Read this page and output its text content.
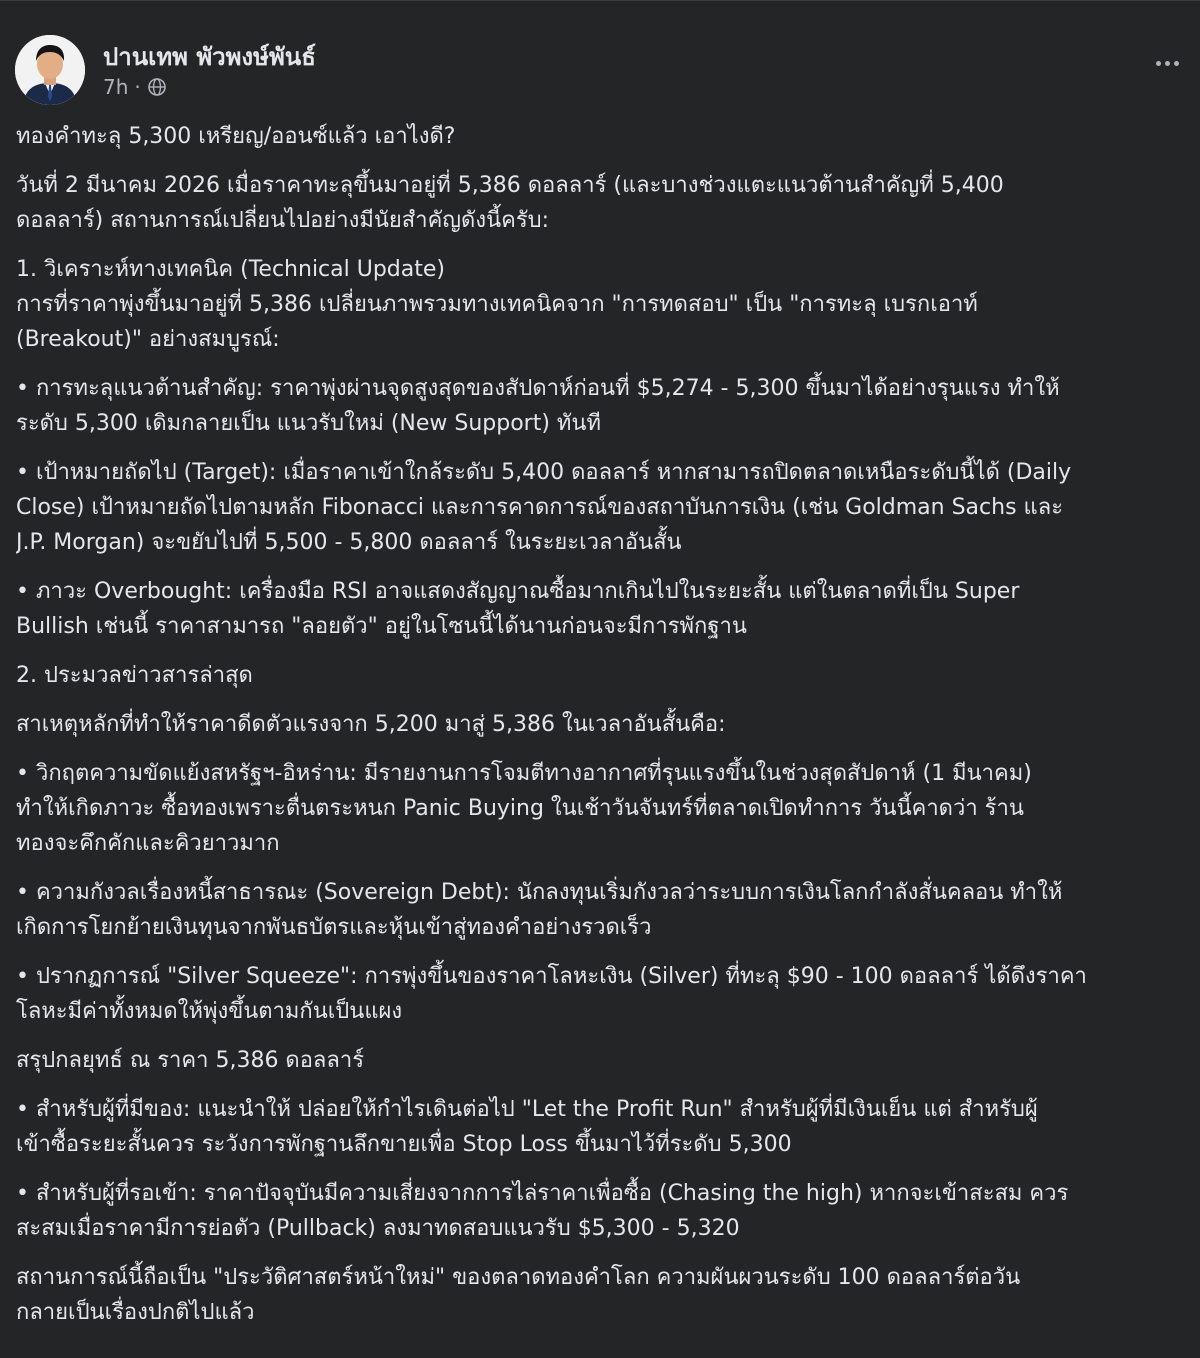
ปานเทพ พัวพงษ์พันธ์
7h ·

ทองคำทะลุ 5,300 เหรียญ/ออนซ์แล้ว เอาไงดี?

วันที่ 2 มีนาคม 2026 เมื่อราคาทะลุขึ้นมาอยู่ที่ 5,386 ดอลลาร์ (และบางช่วงแตะแนวต้านสำคัญที่ 5,400

ดอลลาร์) สถานการณ์เปลี่ยนไปอย่างมีนัยสำคัญดังนี้ครับ:

1. วิเคราะห์ทางเทคนิค (Technical Update)

การที่ราคาพุ่งขึ้นมาอยู่ที่ 5,386 เปลี่ยนภาพรวมทางเทคนิคจาก "การทดสอบ" เป็น "การทะลุ เบรกเอาท์

(Breakout)" อย่างสมบูรณ์:

• การทะลุแนวต้านสำคัญ: ราคาพุ่งผ่านจุดสูงสุดของสัปดาห์ก่อนที่ $5,274 - 5,300 ขึ้นมาได้อย่างรุนแรง ทำให้

ระดับ 5,300 เดิมกลายเป็น แนวรับใหม่ (New Support) ทันที

• เป้าหมายถัดไป (Target): เมื่อราคาเข้าใกล้ระดับ 5,400 ดอลลาร์ หากสามารถปิดตลาดเหนือระดับนี้ได้ (Daily

Close) เป้าหมายถัดไปตามหลัก Fibonacci และการคาดการณ์ของสถาบันการเงิน (เช่น Goldman Sachs และ

J.P. Morgan) จะขยับไปที่ 5,500 - 5,800 ดอลลาร์ ในระยะเวลาอันสั้น

• ภาวะ Overbought: เครื่องมือ RSI อาจแสดงสัญญาณซื้อมากเกินไปในระยะสั้น แต่ในตลาดที่เป็น Super

Bullish เช่นนี้ ราคาสามารถ "ลอยตัว" อยู่ในโซนนี้ได้นานก่อนจะมีการพักฐาน

2. ประมวลข่าวสารล่าสุด

สาเหตุหลักที่ทำให้ราคาดีดตัวแรงจาก 5,200 มาสู่ 5,386 ในเวลาอันสั้นคือ:

• วิกฤตความขัดแย้งสหรัฐฯ-อิหร่าน: มีรายงานการโจมตีทางอากาศที่รุนแรงขึ้นในช่วงสุดสัปดาห์ (1 มีนาคม)

ทำให้เกิดภาวะ ซื้อทองเพราะตื่นตระหนก Panic Buying ในเช้าวันจันทร์ที่ตลาดเปิดทำการ วันนี้คาดว่า ร้าน

ทองจะคึกคักและคิวยาวมาก

• ความกังวลเรื่องหนี้สาธารณะ (Sovereign Debt): นักลงทุนเริ่มกังวลว่าระบบการเงินโลกกำลังสั่นคลอน ทำให้

เกิดการโยกย้ายเงินทุนจากพันธบัตรและหุ้นเข้าสู่ทองคำอย่างรวดเร็ว

• ปรากฏการณ์ "Silver Squeeze": การพุ่งขึ้นของราคาโลหะเงิน (Silver) ที่ทะลุ $90 - 100 ดอลลาร์ ได้ดึงราคา

โลหะมีค่าทั้งหมดให้พุ่งขึ้นตามกันเป็นแผง

สรุปกลยุทธ์ ณ ราคา 5,386 ดอลลาร์

• สำหรับผู้ที่มีของ: แนะนำให้ ปล่อยให้กำไรเดินต่อไป "Let the Profit Run" สำหรับผู้ที่มีเงินเย็น แต่ สำหรับผู้

เข้าซื้อระยะสั้นควร ระวังการพักฐานลึกขายเพื่อ Stop Loss ขึ้นมาไว้ที่ระดับ 5,300

• สำหรับผู้ที่รอเข้า: ราคาปัจจุบันมีความเสี่ยงจากการไล่ราคาเพื่อซื้อ (Chasing the high) หากจะเข้าสะสม ควร

สะสมเมื่อราคามีการย่อตัว (Pullback) ลงมาทดสอบแนวรับ $5,300 - 5,320

สถานการณ์นี้ถือเป็น "ประวัติศาสตร์หน้าใหม่" ของตลาดทองคำโลก ความผันผวนระดับ 100 ดอลลาร์ต่อวัน

กลายเป็นเรื่องปกติไปแล้ว
